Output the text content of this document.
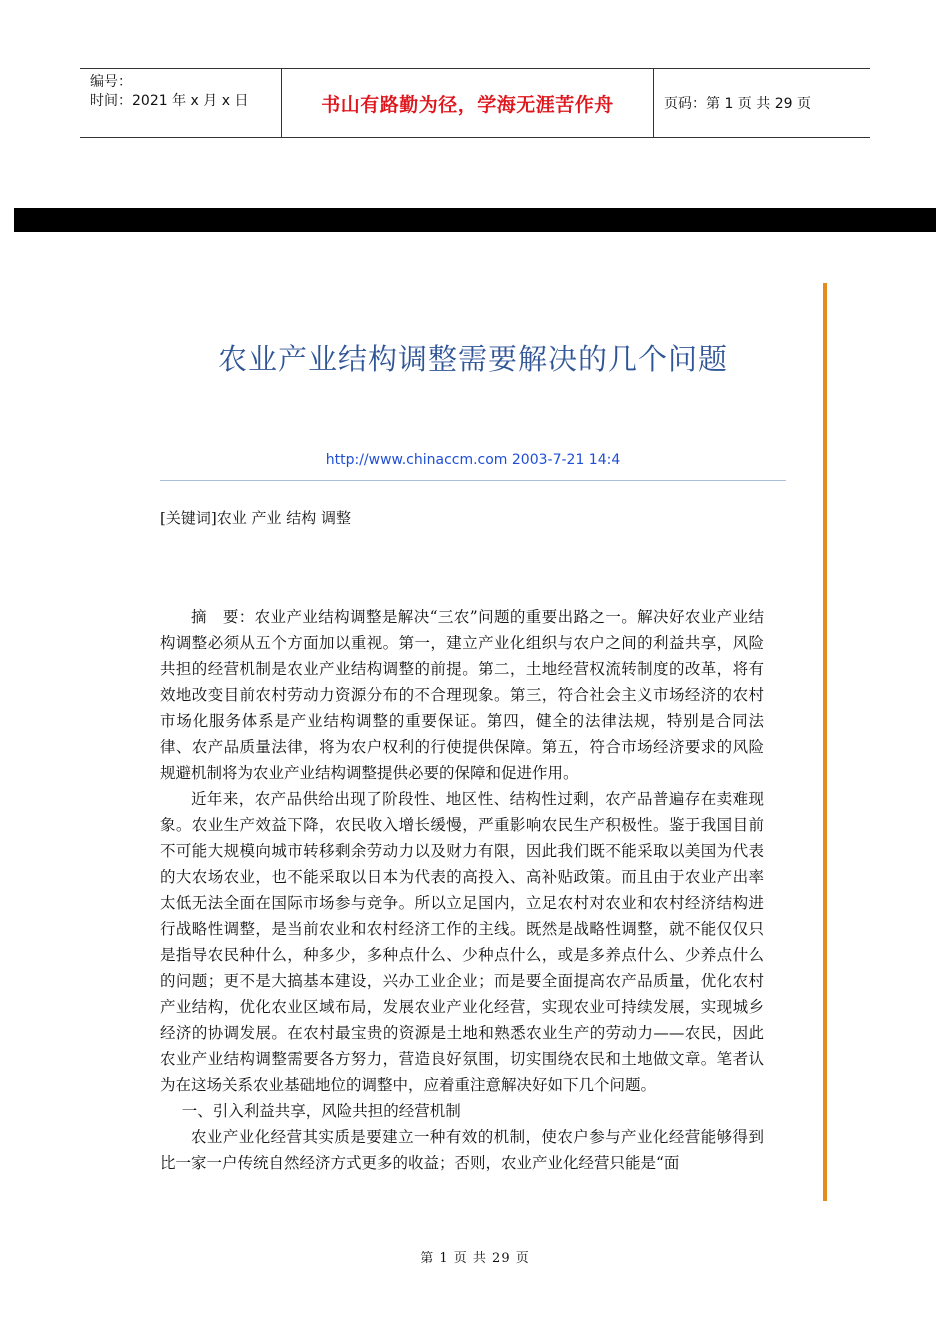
编号：
时间：2021 年 x 月 x 日	书山有路勤为径，学海无涯苦作舟	页码：第 1 页 共 29 页
农业产业结构调整需要解决的几个问题
http://www.chinaccm.com 2003-7-21 14:4
[关键词]农业 产业 结构 调整

摘　要：农业产业结构调整是解决“三农”问题的重要出路之一。解决好农业产业结构调整必须从五个方面加以重视。第一，建立产业化组织与农户之间的利益共享，风险共担的经营机制是农业产业结构调整的前提。第二，土地经营权流转制度的改革，将有效地改变目前农村劳动力资源分布的不合理现象。第三，符合社会主义市场经济的农村市场化服务体系是产业结构调整的重要保证。第四，健全的法律法规，特别是合同法律、农产品质量法律，将为农户权利的行使提供保障。第五，符合市场经济要求的风险规避机制将为农业产业结构调整提供必要的保障和促进作用。

近年来，农产品供给出现了阶段性、地区性、结构性过剩，农产品普遍存在卖难现象。农业生产效益下降，农民收入增长缓慢，严重影响农民生产积极性。鉴于我国目前不可能大规模向城市转移剩余劳动力以及财力有限，因此我们既不能采取以美国为代表的大农场农业，也不能采取以日本为代表的高投入、高补贴政策。而且由于农业产出率太低无法全面在国际市场参与竞争。所以立足国内，立足农村对农业和农村经济结构进行战略性调整，是当前农业和农村经济工作的主线。既然是战略性调整，就不能仅仅只是指导农民种什么，种多少，多种点什么、少种点什么，或是多养点什么、少养点什么的问题；更不是大搞基本建设，兴办工业企业；而是要全面提高农产品质量，优化农村产业结构，优化农业区域布局，发展农业产业化经营，实现农业可持续发展，实现城乡经济的协调发展。在农村最宝贵的资源是土地和熟悉农业生产的劳动力——农民，因此农业产业结构调整需要各方努力，营造良好氛围，切实围绕农民和土地做文章。笔者认为在这场关系农业基础地位的调整中，应着重注意解决好如下几个问题。

一、引入利益共享，风险共担的经营机制

农业产业化经营其实质是要建立一种有效的机制，使农户参与产业化经营能够得到比一家一户传统自然经济方式更多的收益；否则，农业产业化经营只能是“面

第 1 页 共 29 页
